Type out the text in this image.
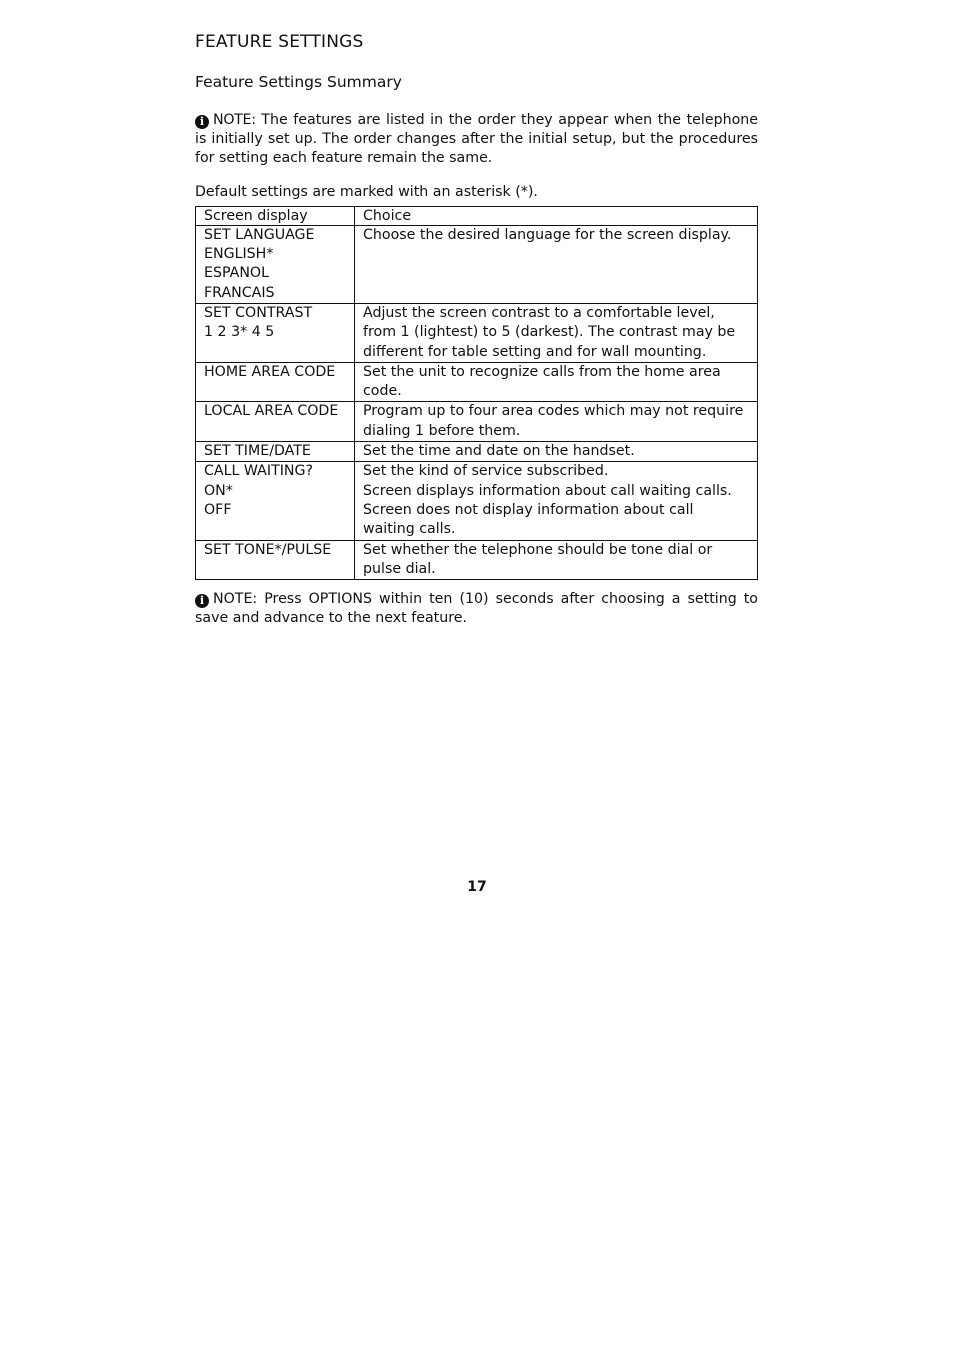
FEATURE SETTINGS
Feature Settings Summary

i NOTE: The features are listed in the order they appear when the telephone is initially set up. The order changes after the initial setup, but the procedures for setting each feature remain the same.

Default settings are marked with an asterisk (*).

Screen display	Choice

SET LANGUAGE
ENGLISH*
ESPANOL
FRANCAIS	Choose the desired language for the screen display.

SET CONTRAST
1 2 3* 4 5	Adjust the screen contrast to a comfortable level, from 1 (lightest) to 5 (darkest). The contrast may be different for table setting and for wall mounting.

HOME AREA CODE	Set the unit to recognize calls from the home area code.

LOCAL AREA CODE	Program up to four area codes which may not require dialing 1 before them.

SET TIME/DATE	Set the time and date on the handset.

CALL WAITING?
ON*
OFF	Set the kind of service subscribed.
Screen displays information about call waiting calls.
Screen does not display information about call waiting calls.

SET TONE*/PULSE	Set whether the telephone should be tone dial or pulse dial.

i NOTE: Press OPTIONS within ten (10) seconds after choosing a setting to save and advance to the next feature.

17
